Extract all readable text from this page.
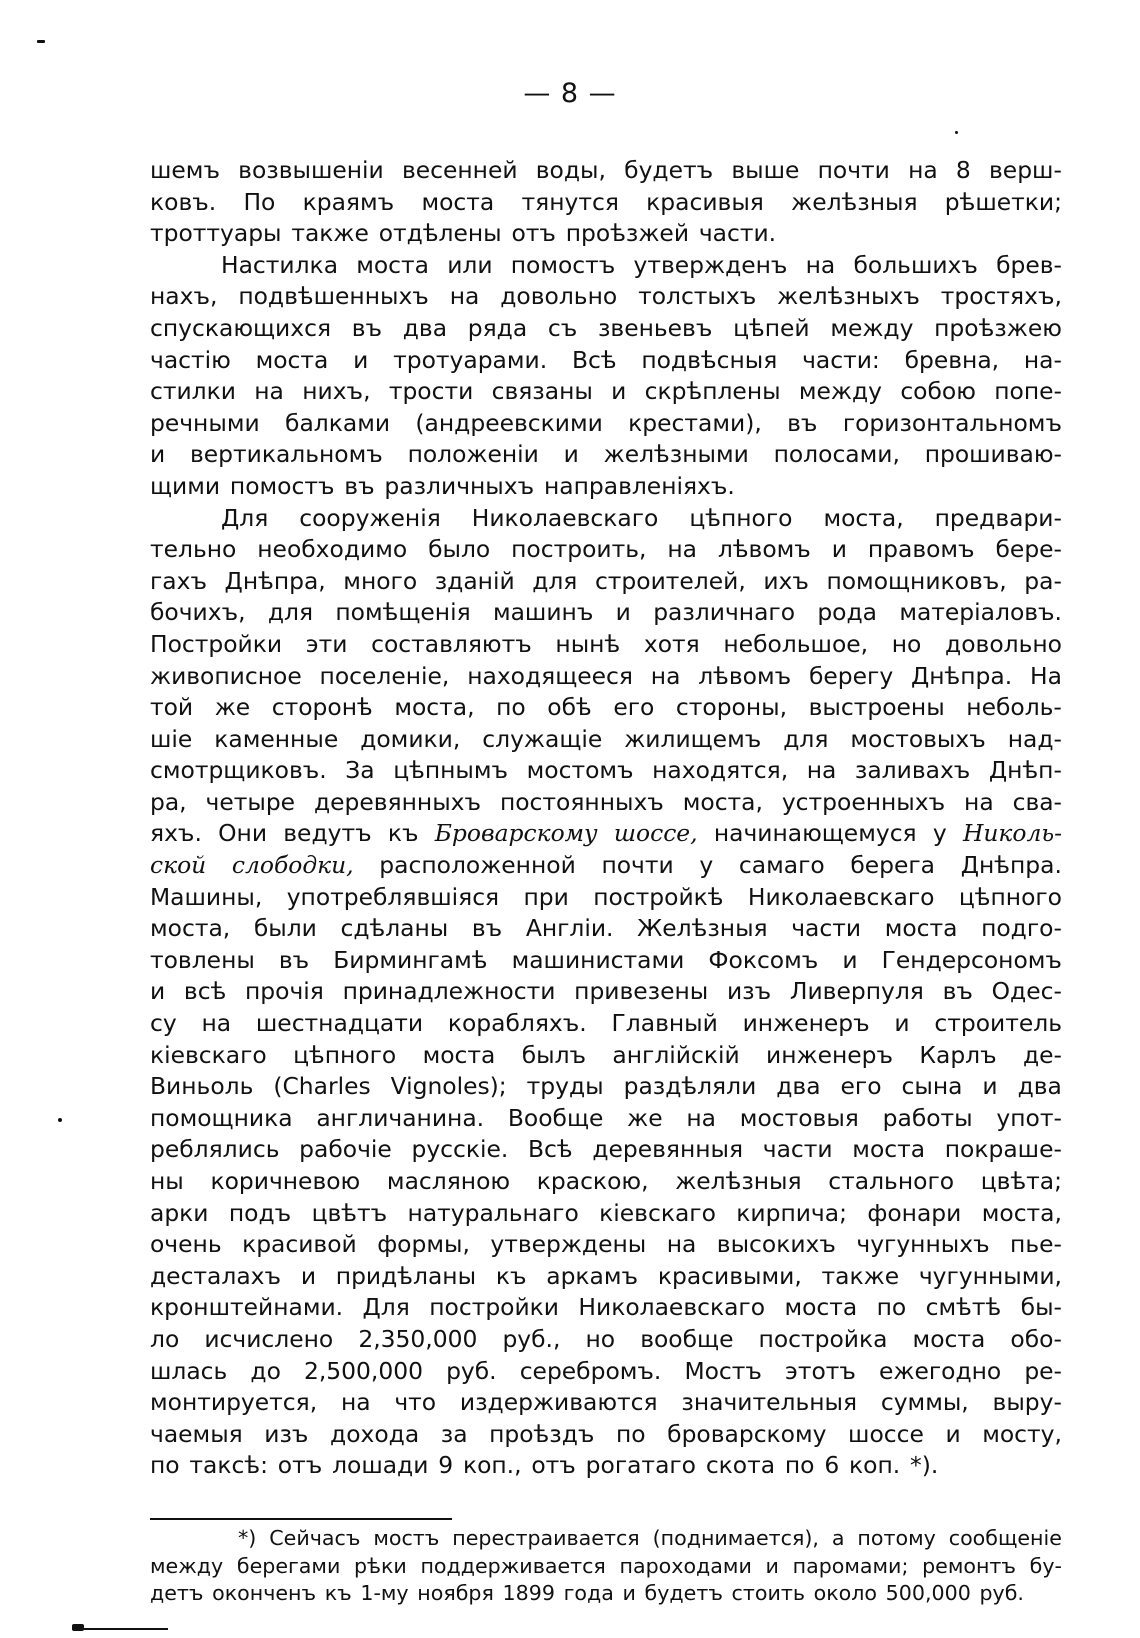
— 8 —
шемъ возвышеніи весенней воды, будетъ выше почти на 8 верш-
ковъ. По краямъ моста тянутся красивыя желѣзныя рѣшетки;
троттуары также отдѣлены отъ проѣзжей части.
Настилка моста или помостъ утвержденъ на большихъ брев-
нахъ, подвѣшенныхъ на довольно толстыхъ желѣзныхъ тростяхъ,
спускающихся въ два ряда съ звеньевъ цѣпей между проѣзжею
частію моста и тротуарами. Всѣ подвѣсныя части: бревна, на-
стилки на нихъ, трости связаны и скрѣплены между собою попе-
речными балками (андреевскими крестами), въ горизонтальномъ
и вертикальномъ положеніи и желѣзными полосами, прошиваю-
щими помостъ въ различныхъ направленіяхъ.
Для сооруженія Николаевскаго цѣпного моста, предвари-
тельно необходимо было построить, на лѣвомъ и правомъ бере-
гахъ Днѣпра, много зданій для строителей, ихъ помощниковъ, ра-
бочихъ, для помѣщенія машинъ и различнаго рода матеріаловъ.
Постройки эти составляютъ нынѣ хотя небольшое, но довольно
живописное поселеніе, находящееся на лѣвомъ берегу Днѣпра. На
той же сторонѣ моста, по обѣ его стороны, выстроены неболь-
шіе каменные домики, служащіе жилищемъ для мостовыхъ над-
смотрщиковъ. За цѣпнымъ мостомъ находятся, на заливахъ Днѣп-
ра, четыре деревянныхъ постоянныхъ моста, устроенныхъ на сва-
яхъ. Они ведутъ къ Броварскому шоссе, начинающемуся у Николь-
ской слободки, расположенной почти у самаго берега Днѣпра.
Машины, употреблявшіяся при постройкѣ Николаевскаго цѣпного
моста, были сдѣланы въ Англіи. Желѣзныя части моста подго-
товлены въ Бирмингамѣ машинистами Фоксомъ и Гендерсономъ
и всѣ прочія принадлежности привезены изъ Ливерпуля въ Одес-
су на шестнадцати корабляхъ. Главный инженеръ и строитель
кіевскаго цѣпного моста былъ англійскій инженеръ Карлъ де-
Виньоль (Charles Vignoles); труды раздѣляли два его сына и два
помощника англичанина. Вообще же на мостовыя работы упот-
реблялись рабочіе русскіе. Всѣ деревянныя части моста покраше-
ны коричневою масляною краскою, желѣзныя стального цвѣта;
арки подъ цвѣтъ натуральнаго кіевскаго кирпича; фонари моста,
очень красивой формы, утверждены на высокихъ чугунныхъ пье-
десталахъ и придѣланы къ аркамъ красивыми, также чугунными,
кронштейнами. Для постройки Николаевскаго моста по смѣтѣ бы-
ло исчислено 2,350,000 руб., но вообще постройка моста обо-
шлась до 2,500,000 руб. серебромъ. Мостъ этотъ ежегодно ре-
монтируется, на что издерживаются значительныя суммы, выру-
чаемыя изъ дохода за проѣздъ по броварскому шоссе и мосту,
по таксѣ: отъ лошади 9 коп., отъ рогатаго скота по 6 коп. *).
*) Сейчасъ мостъ перестраивается (поднимается), а потому сообщеніе
между берегами рѣки поддерживается пароходами и паромами; ремонтъ бу-
детъ оконченъ къ 1-му ноября 1899 года и будетъ стоить около 500,000 руб.
